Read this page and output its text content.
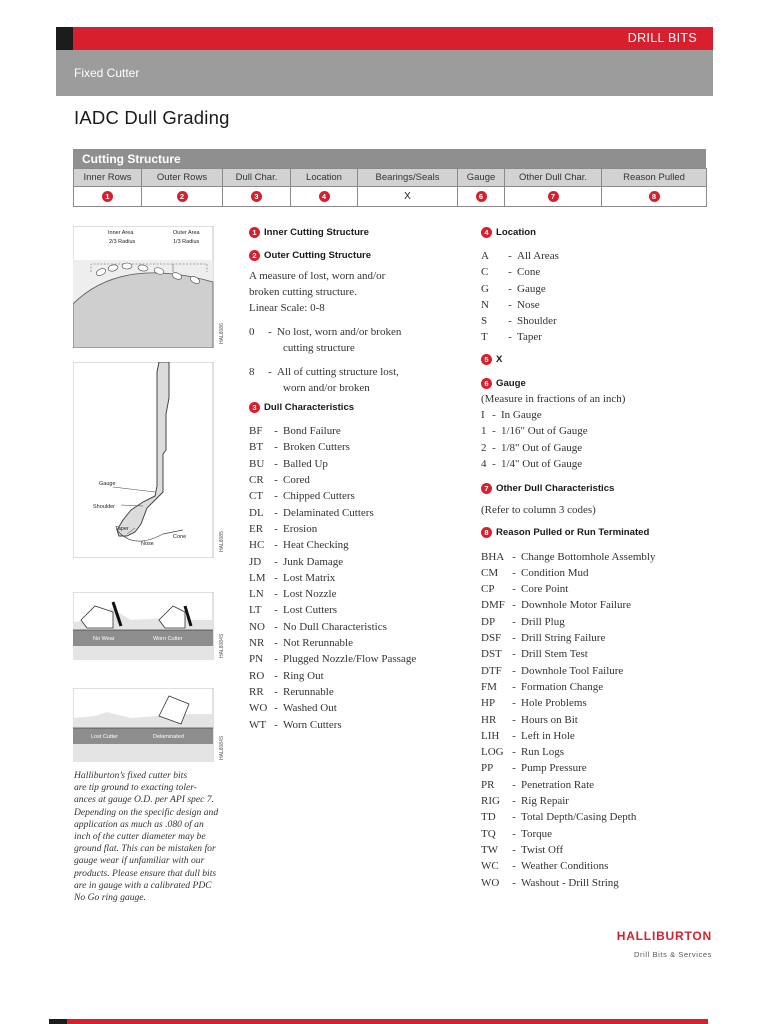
DRILL BITS
Fixed Cutter
IADC Dull Grading
Cutting Structure
Inner Rows	Outer Rows	Dull Char.	Location	Bearings/Seals	Gauge	Other Dull Char.	Reason Pulled
1	2	3	4	X	6	7	8
Inner Area
2/3 Radius
Outer Area
1/3 Radius
HAL8086
Gauge
Shoulder
Taper
Nose
Cone	HAL8085
No Wear	Worn Cutter	HAL8084S
Lost Cutter	Delaminated	HAL8084S
Halliburton’s fixed cutter bits
are tip ground to exacting toler-
ances at gauge O.D. per API spec 7.
Depending on the specific design and
application as much as .080 of an
inch of the cutter diameter may be
ground flat. This can be mistaken for
gauge wear if unfamiliar with our
products. Please ensure that dull bits
are in gauge with a calibrated PDC
No Go ring gauge.
1 Inner Cutting Structure
2 Outer Cutting Structure
A measure of lost, worn and/or
broken cutting structure.
Linear Scale: 0-8
0	- No lost, worn and/or broken
cutting structure
8	- All of cutting structure lost,
worn and/or broken
3 Dull Characteristics
BF	- Bond Failure
BT	- Broken Cutters
BU - Balled Up
CR - Cored
CT	- Chipped Cutters
DL - Delaminated Cutters
ER	- Erosion
HC - Heat Checking
JD	- Junk Damage
LM - Lost Matrix
LN - Lost Nozzle
LT	- Lost Cutters
NO - No Dull Characteristics
NR - Not Rerunnable
PN	- Plugged Nozzle/Flow Passage
RO - Ring Out
RR - Rerunnable
WO - Washed Out
WT - Worn Cutters
4 Location
A	- All Areas
C	- Cone
G	- Gauge
N	- Nose
S	- Shoulder
T	- Taper
5 X
6 Gauge
(Measure in fractions of an inch)
I - In Gauge
1 - 1/16" Out of Gauge
2 - 1/8" Out of Gauge
4 - 1/4" Out of Gauge
7 Other Dull Characteristics
(Refer to column 3 codes)
8 Reason Pulled or Run Terminated
BHA - Change Bottomhole Assembly
CM	- Condition Mud
CP	- Core Point
DMF - Downhole Motor Failure
DP	- Drill Plug
DSF - Drill String Failure
DST - Drill Stem Test
DTF - Downhole Tool Failure
FM	- Formation Change
HP	- Hole Problems
HR	- Hours on Bit
LIH	- Left in Hole
LOG - Run Logs
PP	- Pump Pressure
PR	- Penetration Rate
RIG	- Rig Repair
TD	- Total Depth/Casing Depth
TQ	- Torque
TW	- Twist Off
WC	- Weather Conditions
WO	- Washout - Drill String
HALLIBURTON
Drill Bits & Services
